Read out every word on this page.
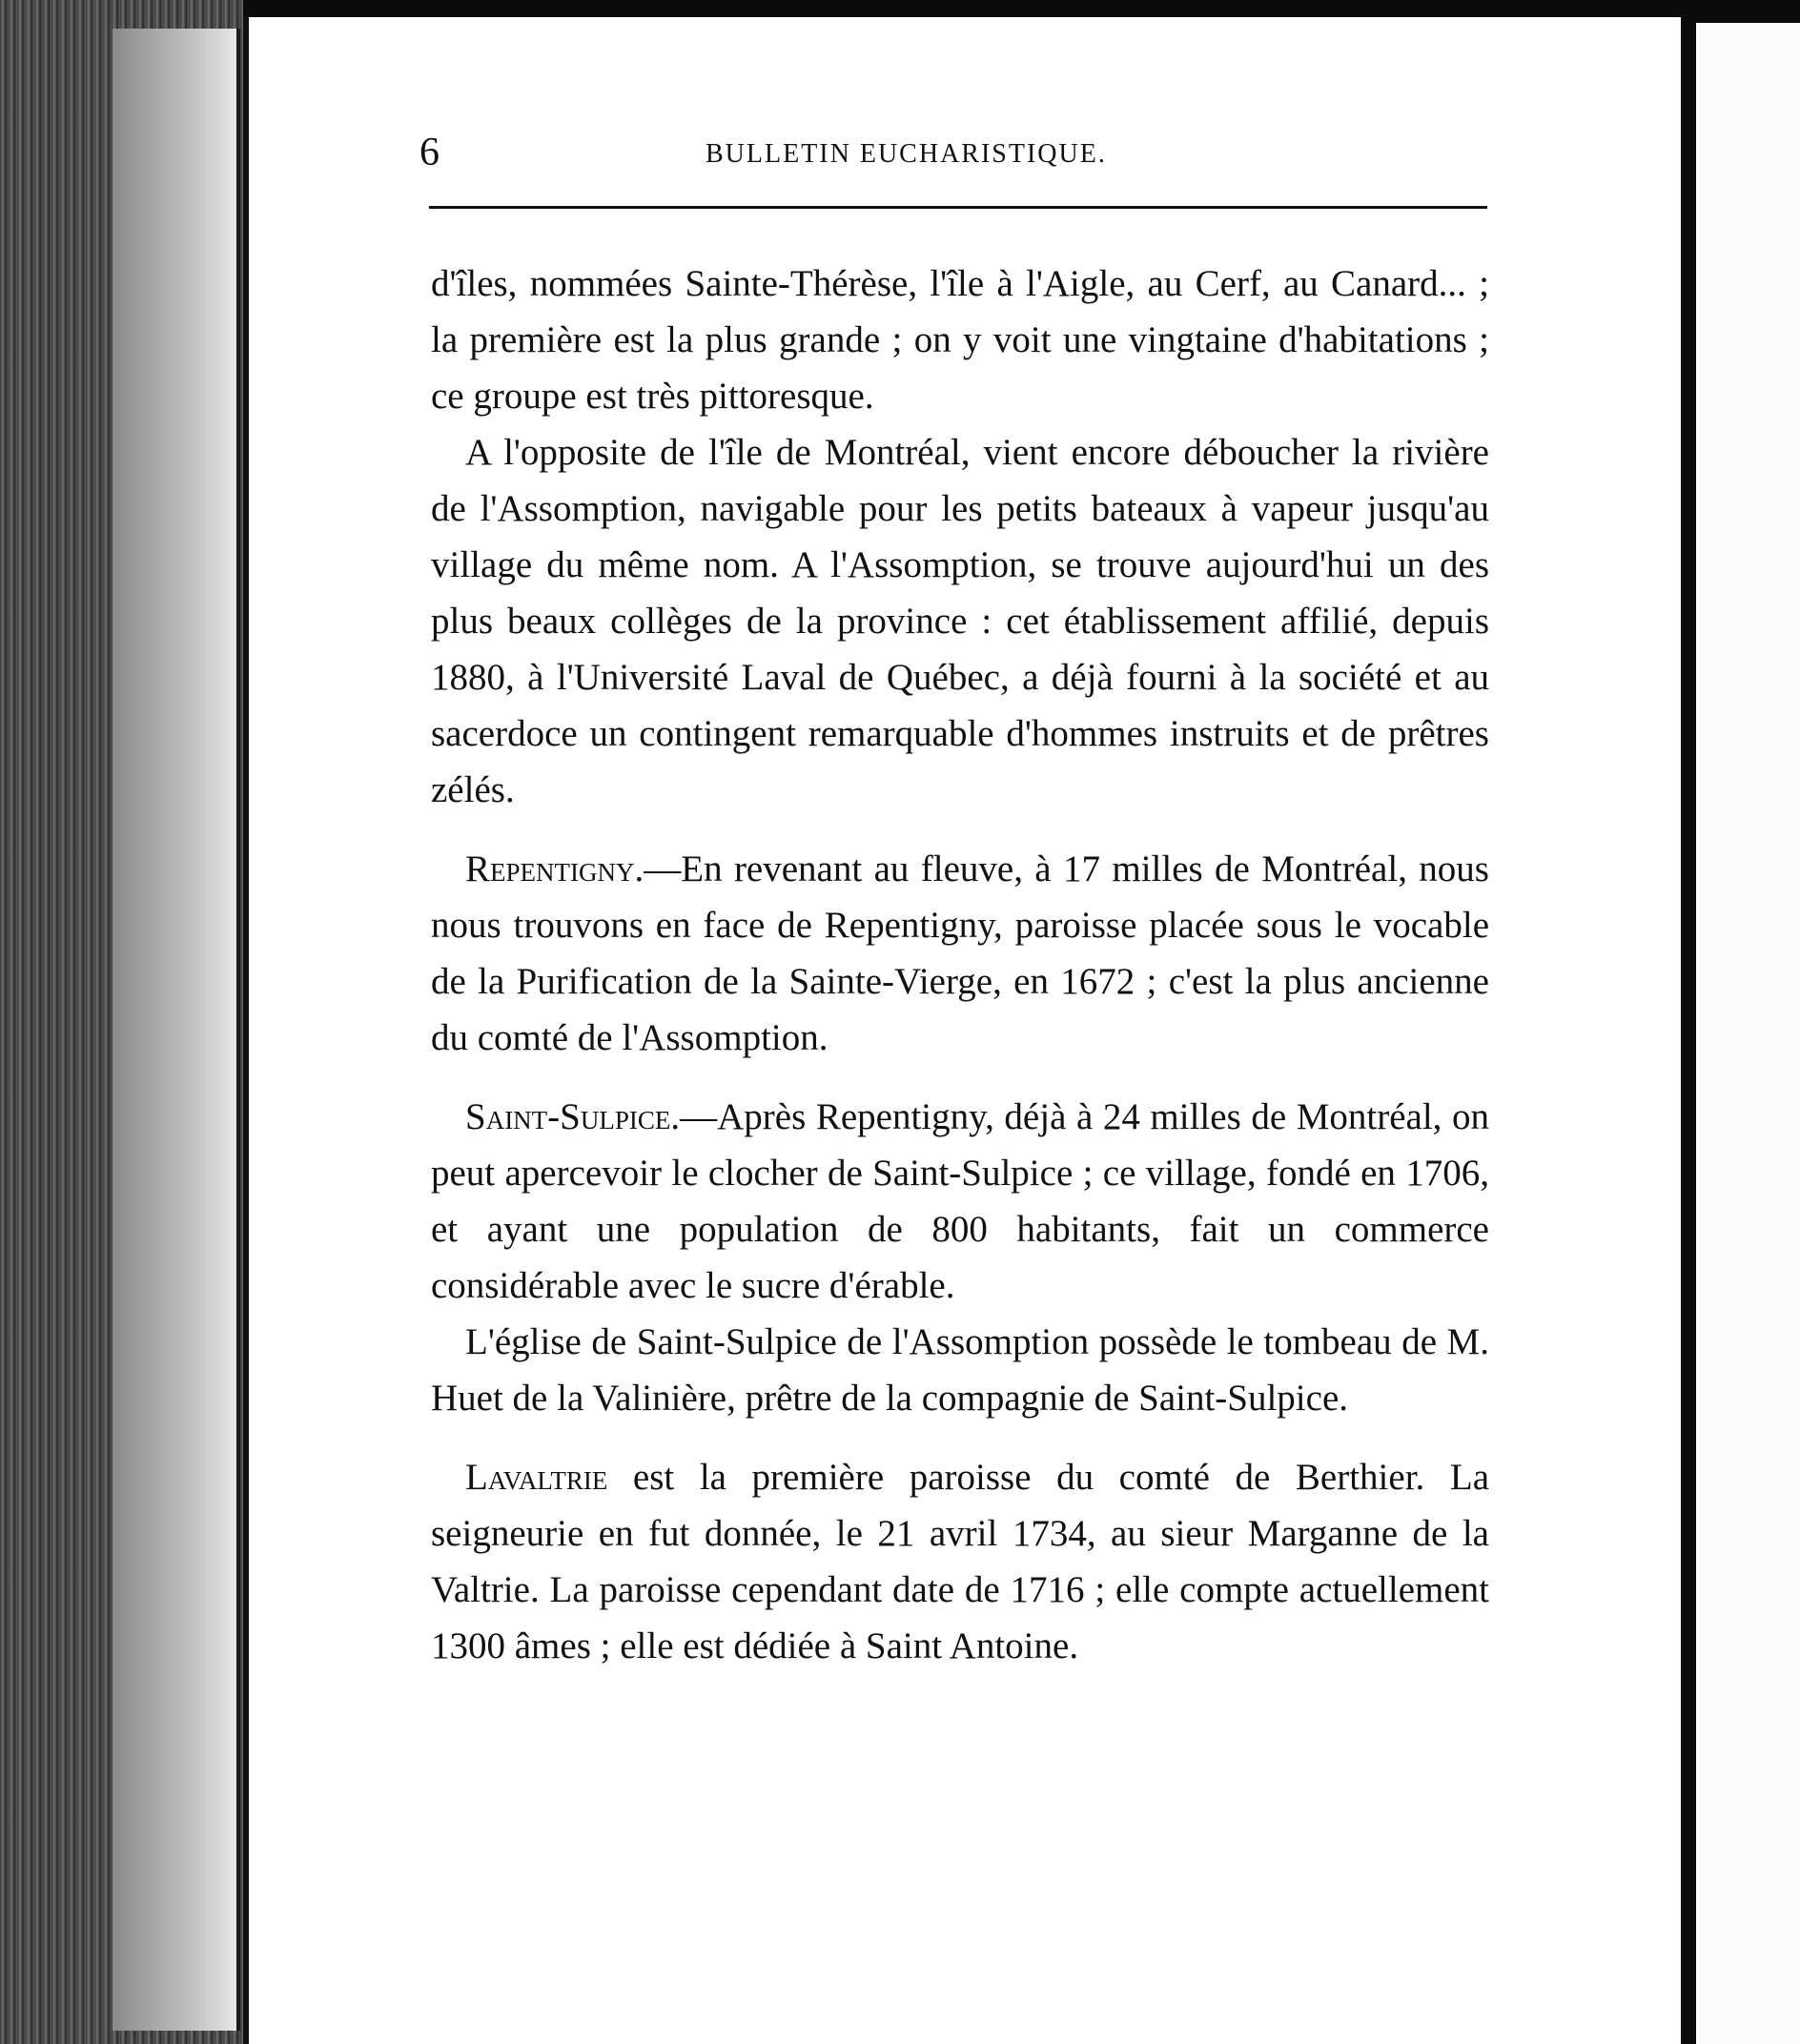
6	BULLETIN EUCHARISTIQUE.

d'îles, nommées Sainte-Thérèse, l'île à l'Aigle, au Cerf, au Canard... ; la première est la plus grande ; on y voit une vingtaine d'habitations ; ce groupe est très pittoresque.

A l'opposite de l'île de Montréal, vient encore déboucher la rivière de l'Assomption, navigable pour les petits bateaux à vapeur jusqu'au village du même nom. A l'Assomption, se trouve aujourd'hui un des plus beaux collèges de la province : cet établissement affilié, depuis 1880, à l'Université Laval de Québec, a déjà fourni à la société et au sacerdoce un contingent remarquable d'hommes instruits et de prêtres zélés.

Repentigny.—En revenant au fleuve, à 17 milles de Montréal, nous nous trouvons en face de Repentigny, paroisse placée sous le vocable de la Purification de la Sainte-Vierge, en 1672 ; c'est la plus ancienne du comté de l'Assomption.

Saint-Sulpice.—Après Repentigny, déjà à 24 milles de Montréal, on peut apercevoir le clocher de Saint-Sulpice ; ce village, fondé en 1706, et ayant une population de 800 habitants, fait un commerce considérable avec le sucre d'érable.

L'église de Saint-Sulpice de l'Assomption possède le tombeau de M. Huet de la Valinière, prêtre de la compagnie de Saint-Sulpice.

Lavaltrie est la première paroisse du comté de Berthier. La seigneurie en fut donnée, le 21 avril 1734, au sieur Marganne de la Valtrie. La paroisse cependant date de 1716 ; elle compte actuellement 1300 âmes ; elle est dédiée à Saint Antoine.
